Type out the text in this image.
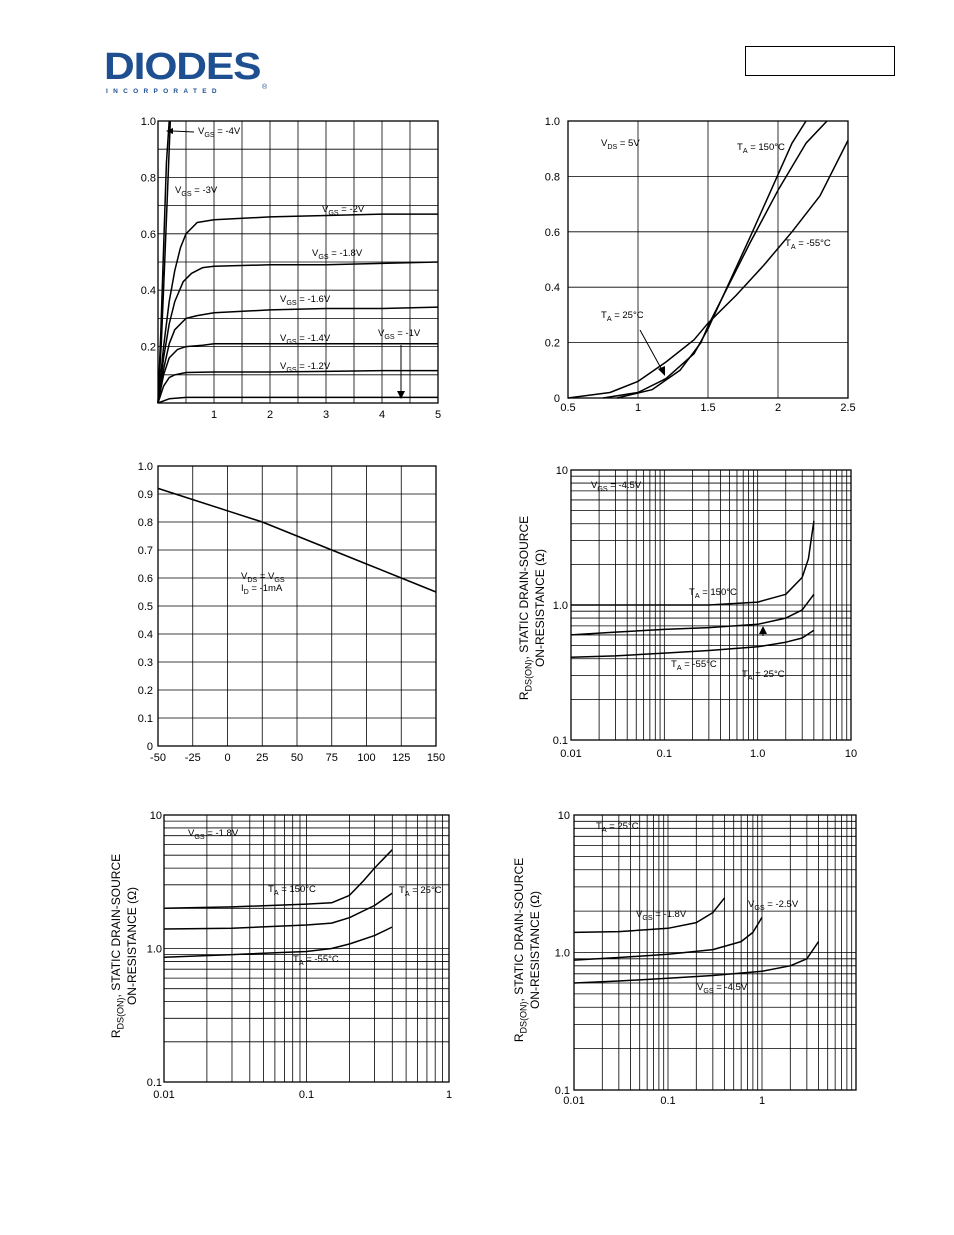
DIODES
INCORPORATED
®
1	2	3	4	5
0.2
0.4
0.6
0.8
1.0
$V_{GS} = -4V$
$V_{GS} = -3V$
$V_{GS} = -2V$
$V_{GS} = -1.8V$
$V_{GS} = -1.6V$
$V_{GS} = -1.4V$	$V_{GS} = -1V$
$V_{GS} = -1.2V$
0.5	1	1.5	2	2.5
0
0.2
0.4
0.6
0.8
1.0
$V_{DS} = 5V$	$T_A = 150^\circ C$
$T_A = -55^\circ C$
$T_A = 25^\circ C$
-50 -25 0 25 50 75 100 125 150
0
0.1
0.2
0.3
0.4
0.5
0.6
0.7
0.8
0.9
1.0
$V_{DS} = V_{GS}$
$I_D = -1mA$
0.01	0.1	1.0	10
0.1
1.0
10
$R_{DS(ON)}$, STATIC DRAIN-SOURCE ON-RESISTANCE (Ω)
$V_{GS} = -4.5V$
$T_A = 150^\circ C$
$T_A = -55^\circ C$
$T_A = 25^\circ C$
0.01	0.1	1
0.1
1.0
10
$R_{DS(ON)}$, STATIC DRAIN-SOURCE ON-RESISTANCE (Ω)
$V_{GS} = -1.8V$
$T_A = 150^\circ C$	$T_A = 25^\circ C$
$T_A = -55^\circ C$
0.01	0.1	1
0.1
1.0
10
$R_{DS(ON)}$, STATIC DRAIN-SOURCE ON-RESISTANCE (Ω)
$T_A = 25^\circ C$
$V_{GS} = -1.8V$
$V_{GS} = -2.5V$
$V_{GS} = -4.5V$
